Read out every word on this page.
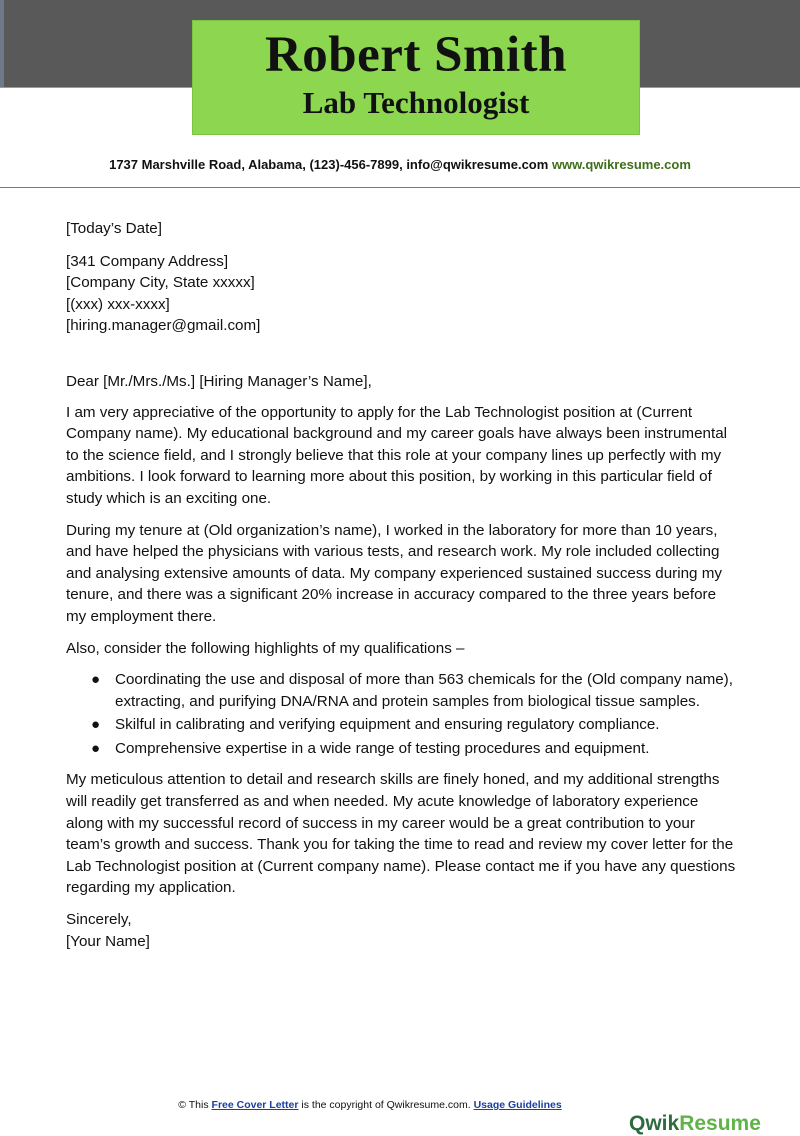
Robert Smith
Lab Technologist
1737 Marshville Road, Alabama, (123)-456-7899, info@qwikresume.com www.qwikresume.com

[Today’s Date]

[341 Company Address]

[Company City, State xxxxx]

[(xxx) xxx-xxxx]

[hiring.manager@gmail.com]

Dear [Mr./Mrs./Ms.] [Hiring Manager’s Name],

I am very appreciative of the opportunity to apply for the Lab Technologist position at (Current Company name). My educational background and my career goals have always been instrumental to the science field, and I strongly believe that this role at your company lines up perfectly with my ambitions. I look forward to learning more about this position, by working in this particular field of study which is an exciting one.

During my tenure at (Old organization’s name), I worked in the laboratory for more than 10 years, and have helped the physicians with various tests, and research work. My role included collecting and analysing extensive amounts of data. My company experienced sustained success during my tenure, and there was a significant 20% increase in accuracy compared to the three years before my employment there.

Also, consider the following highlights of my qualifications –

● Coordinating the use and disposal of more than 563 chemicals for the (Old company name), extracting, and purifying DNA/RNA and protein samples from biological tissue samples.
● Skilful in calibrating and verifying equipment and ensuring regulatory compliance.
● Comprehensive expertise in a wide range of testing procedures and equipment.

My meticulous attention to detail and research skills are finely honed, and my additional strengths will readily get transferred as and when needed. My acute knowledge of laboratory experience along with my successful record of success in my career would be a great contribution to your team’s growth and success. Thank you for taking the time to read and review my cover letter for the Lab Technologist position at (Current company name). Please contact me if you have any questions regarding my application.

Sincerely,

[Your Name]

© This Free Cover Letter is the copyright of Qwikresume.com. Usage Guidelines
QwikResume
